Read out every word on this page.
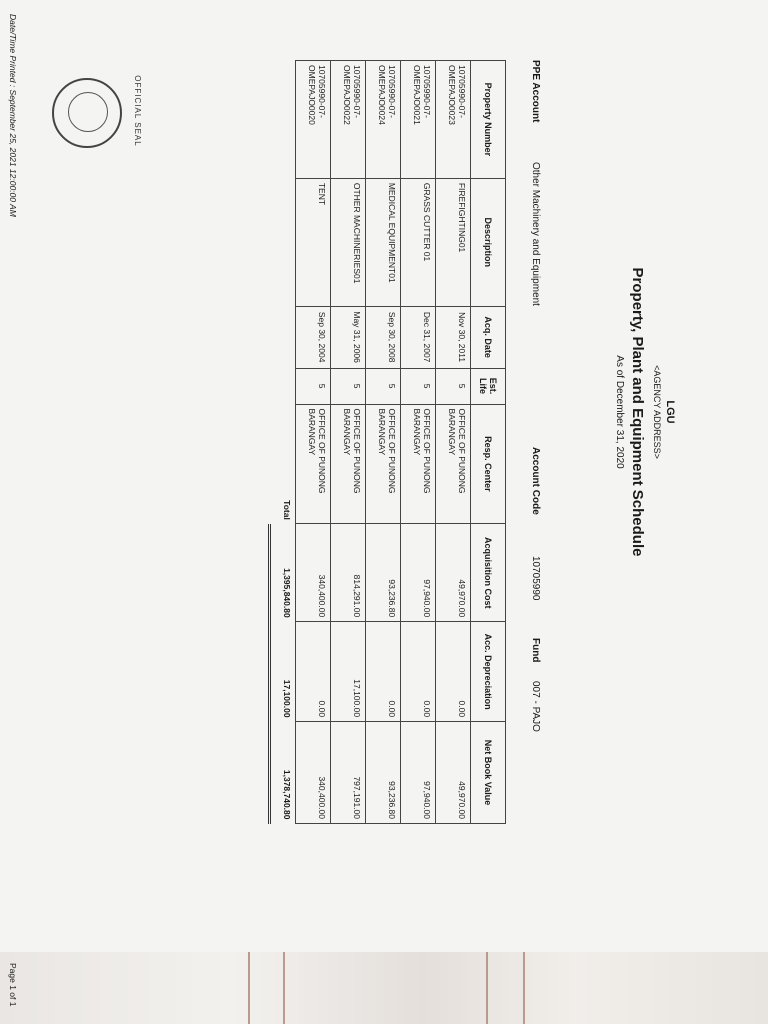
OFFICIAL SEAL
LGU
<AGENCY ADDRESS>
Property, Plant and Equipment Schedule
As of December 31, 2020
PPE Account
Other Machinery and Equipment
Account Code
10705990
Fund
007 - PAJO
Property Number	Description	Acq. Date	Est. Life	Resp. Center	Acquisition Cost	Acc. Depreciation	Net Book Value
10705990-07-OMEPAJO0023	FIREFIGHTING01	Nov 30, 2011	5	OFFICE OF PUNONG BARANGAY	49,970.00	0.00	49,970.00
10705990-07-OMEPAJO0021	GRASS CUTTER 01	Dec 31, 2007	5	OFFICE OF PUNONG BARANGAY	97,940.00	0.00	97,940.00
10705990-07-OMEPAJO0024	MEDICAL EQUIPMENT01	Sep 30, 2008	5	OFFICE OF PUNONG BARANGAY	93,236.80	0.00	93,236.80
10705990-07-OMEPAJO0022	OTHER MACHINERIES01	May 31, 2006	5	OFFICE OF PUNONG BARANGAY	814,291.00	17,100.00	797,191.00
10705990-07-OMEPAJO0020	TENT	Sep 30, 2004	5	OFFICE OF PUNONG BARANGAY	340,400.00	0.00	340,400.00
				Total	1,395,840.80	17,100.00	1,378,740.80
Date/Time Printed : September 25, 2021 12:00:00 AM
Page 1 of 1
